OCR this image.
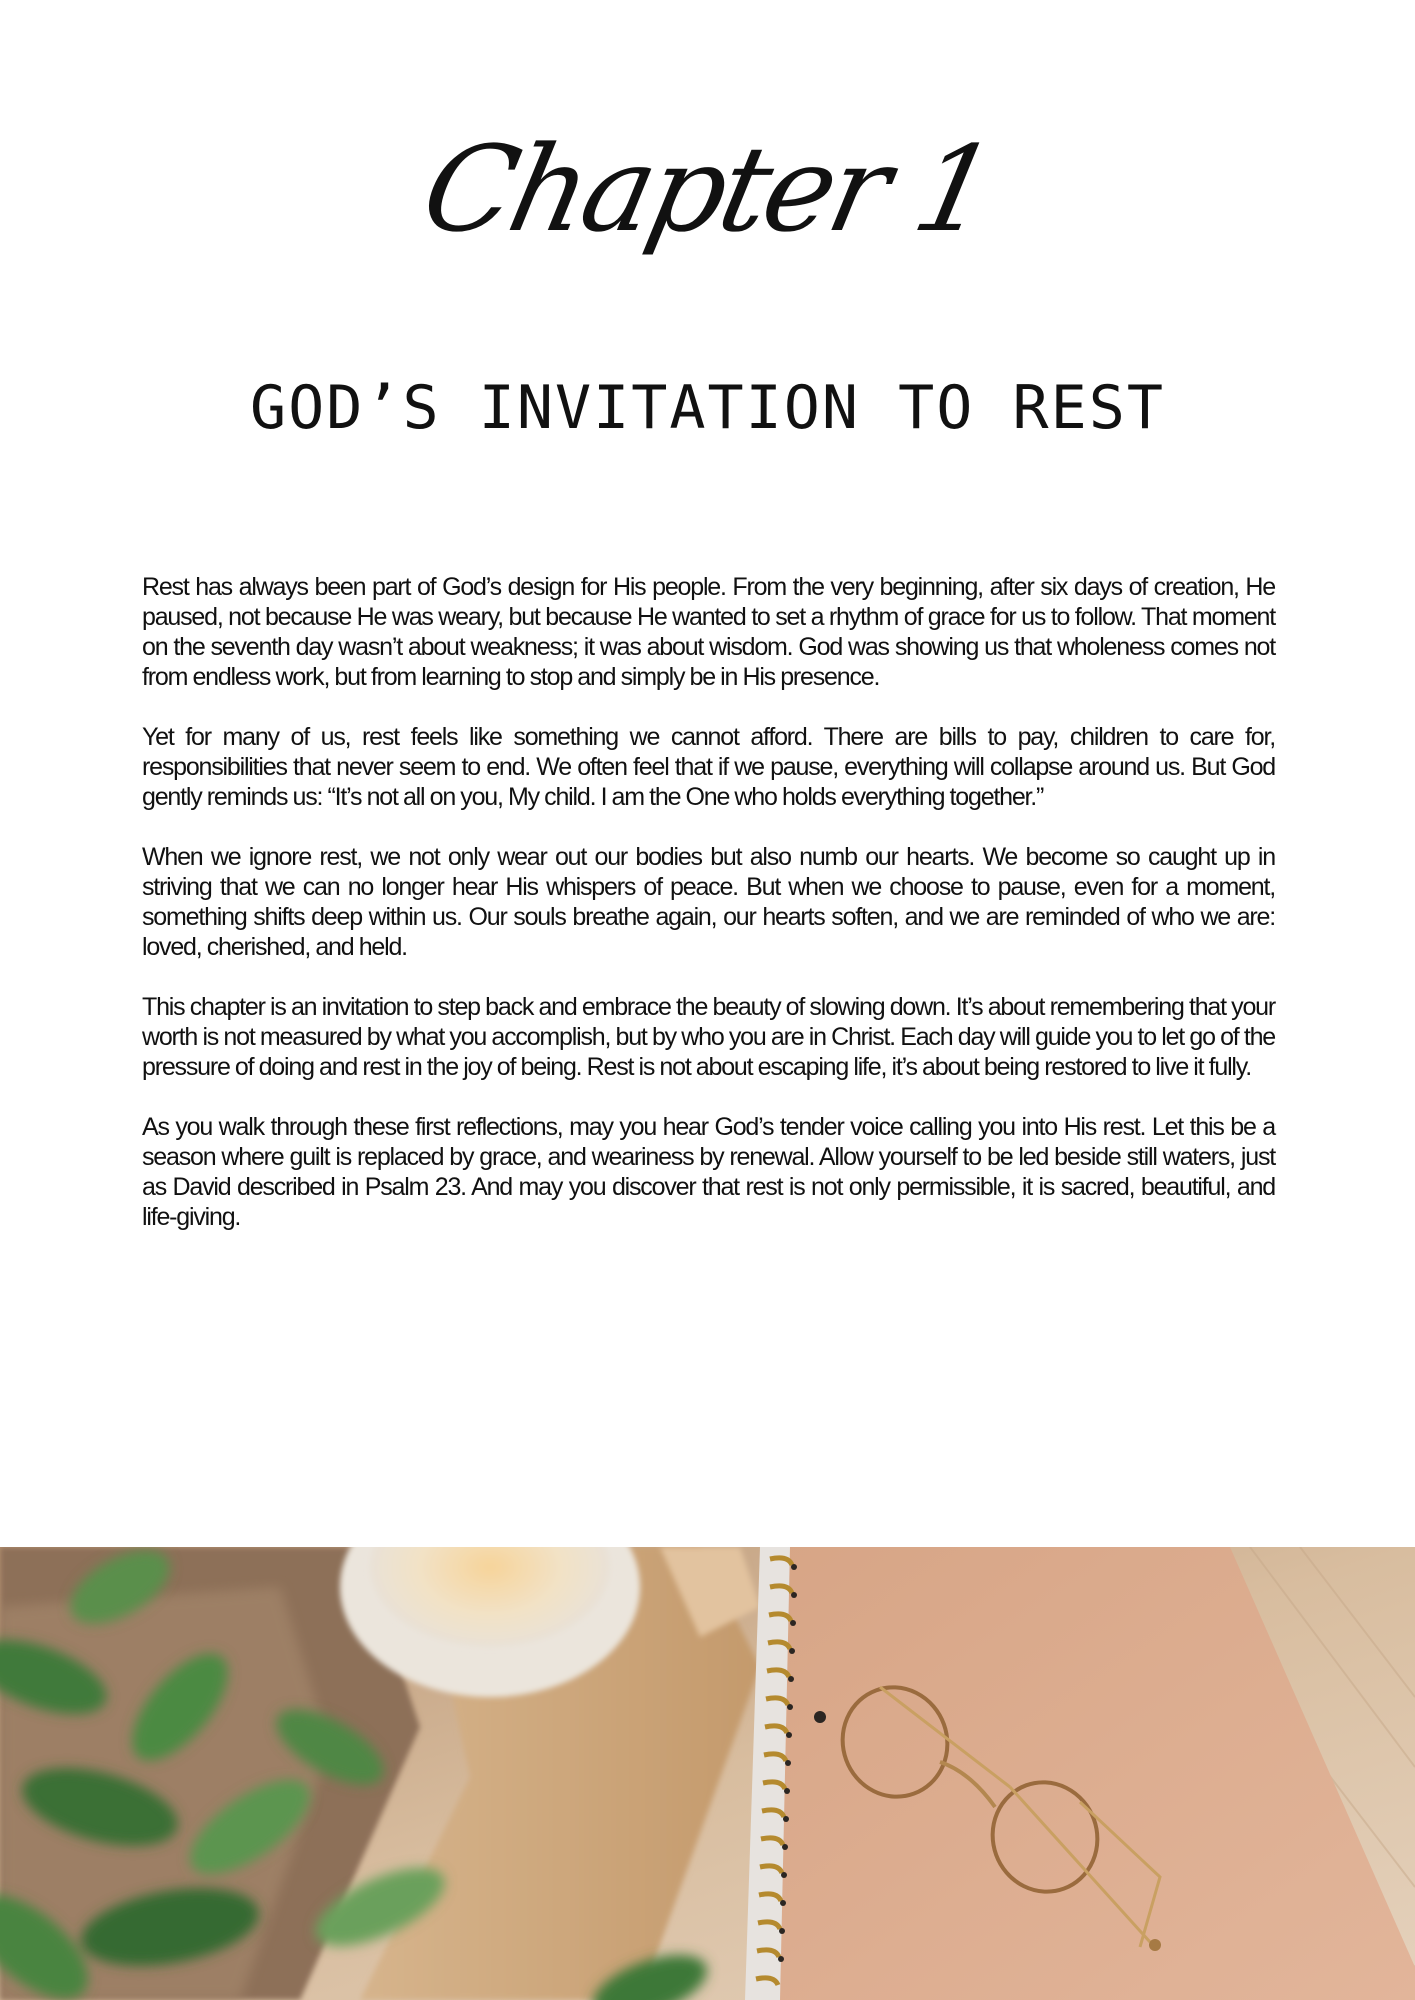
Chapter 1
GOD’S INVITATION TO REST

Rest has always been part of God’s design for His people. From the very beginning, after six days of creation, He paused, not because He was weary, but because He wanted to set a rhythm of grace for us to follow. That moment on the seventh day wasn’t about weakness; it was about wisdom. God was showing us that wholeness comes not from endless work, but from learning to stop and simply be in His presence.

Yet for many of us, rest feels like something we cannot afford. There are bills to pay, children to care for, responsibilities that never seem to end. We often feel that if we pause, everything will collapse around us. But God gently reminds us: “It’s not all on you, My child. I am the One who holds everything together.”

When we ignore rest, we not only wear out our bodies but also numb our hearts. We become so caught up in striving that we can no longer hear His whispers of peace. But when we choose to pause, even for a moment, something shifts deep within us. Our souls breathe again, our hearts soften, and we are reminded of who we are: loved, cherished, and held.

This chapter is an invitation to step back and embrace the beauty of slowing down. It’s about remembering that your worth is not measured by what you accomplish, but by who you are in Christ. Each day will guide you to let go of the pressure of doing and rest in the joy of being. Rest is not about escaping life, it’s about being restored to live it fully.

As you walk through these first reflections, may you hear God’s tender voice calling you into His rest. Let this be a season where guilt is replaced by grace, and weariness by renewal. Allow yourself to be led beside still waters, just as David described in Psalm 23. And may you discover that rest is not only permissible, it is sacred, beautiful, and life-giving.
